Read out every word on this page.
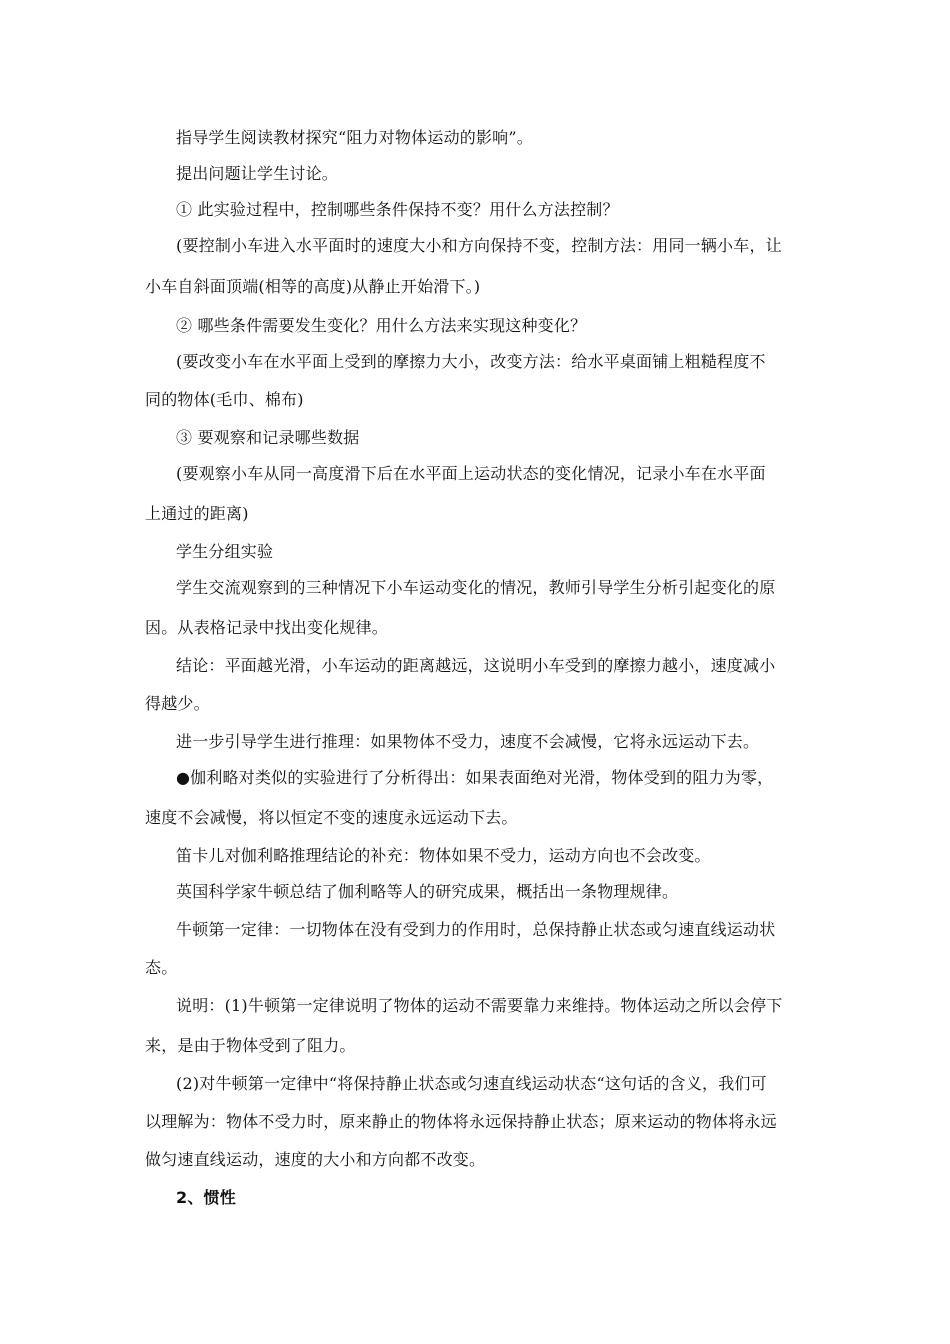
指导学生阅读教材探究“阻力对物体运动的影响”。
提出问题让学生讨论。
① 此实验过程中，控制哪些条件保持不变？用什么方法控制？
(要控制小车进入水平面时的速度大小和方向保持不变，控制方法：用同一辆小车，让
小车自斜面顶端(相等的高度)从静止开始滑下。)
② 哪些条件需要发生变化？用什么方法来实现这种变化？
(要改变小车在水平面上受到的摩擦力大小，改变方法：给水平桌面铺上粗糙程度不
同的物体(毛巾、棉布)
③ 要观察和记录哪些数据
(要观察小车从同一高度滑下后在水平面上运动状态的变化情况，记录小车在水平面
上通过的距离)
学生分组实验
学生交流观察到的三种情况下小车运动变化的情况，教师引导学生分析引起变化的原
因。从表格记录中找出变化规律。
结论：平面越光滑，小车运动的距离越远，这说明小车受到的摩擦力越小，速度减小
得越少。
进一步引导学生进行推理：如果物体不受力，速度不会减慢，它将永远运动下去。
●伽利略对类似的实验进行了分析得出：如果表面绝对光滑，物体受到的阻力为零，
速度不会减慢，将以恒定不变的速度永远运动下去。
笛卡儿对伽利略推理结论的补充：物体如果不受力，运动方向也不会改变。
英国科学家牛顿总结了伽利略等人的研究成果，概括出一条物理规律。
牛顿第一定律：一切物体在没有受到力的作用时，总保持静止状态或匀速直线运动状
态。
说明：(1)牛顿第一定律说明了物体的运动不需要靠力来维持。物体运动之所以会停下
来，是由于物体受到了阻力。
(2)对牛顿第一定律中“将保持静止状态或匀速直线运动状态“这句话的含义，我们可
以理解为：物体不受力时，原来静止的物体将永远保持静止状态；原来运动的物体将永远
做匀速直线运动，速度的大小和方向都不改变。
2、惯性
